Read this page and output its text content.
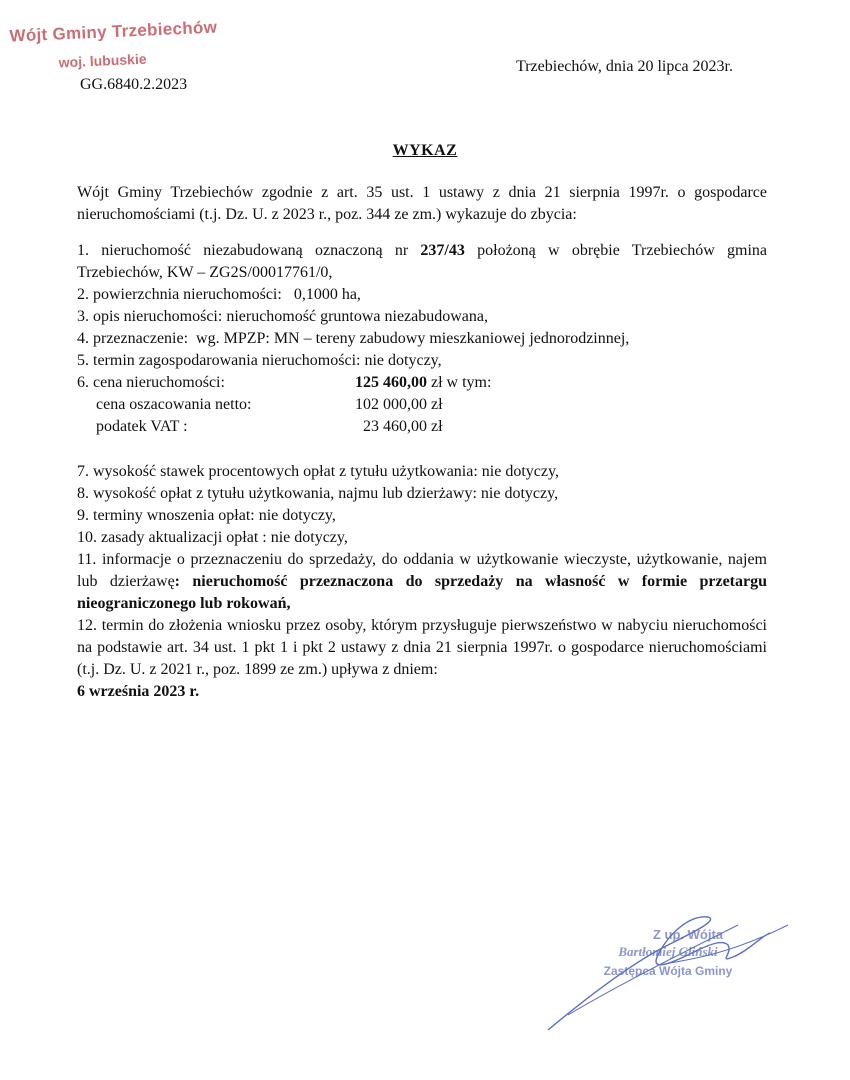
Wójt Gminy Trzebiechów
woj. lubuskie
GG.6840.2.2023
Trzebiechów, dnia 20 lipca 2023r.
WYKAZ

Wójt Gminy Trzebiechów zgodnie z art. 35 ust. 1 ustawy z dnia 21 sierpnia 1997r. o gospodarce nieruchomościami (t.j. Dz. U. z 2023 r., poz. 344 ze zm.) wykazuje do zbycia:

1. nieruchomość niezabudowaną oznaczoną nr 237/43 położoną w obrębie Trzebiechów gmina Trzebiechów, KW – ZG2S/00017761/0,

2. powierzchnia nieruchomości:   0,1000 ha,

3. opis nieruchomości: nieruchomość gruntowa niezabudowana,

4. przeznaczenie:  wg. MPZP: MN – tereny zabudowy mieszkaniowej jednorodzinnej,

5. termin zagospodarowania nieruchomości: nie dotyczy,

6. cena nieruchomości:	125 460,00 zł w tym:
cena oszacowania netto:	102 000,00 zł
podatek VAT :	23 460,00 zł

7. wysokość stawek procentowych opłat z tytułu użytkowania: nie dotyczy,

8. wysokość opłat z tytułu użytkowania, najmu lub dzierżawy: nie dotyczy,

9. terminy wnoszenia opłat: nie dotyczy,

10. zasady aktualizacji opłat : nie dotyczy,

11. informacje o przeznaczeniu do sprzedaży, do oddania w użytkowanie wieczyste, użytkowanie, najem lub dzierżawę: nieruchomość przeznaczona do sprzedaży na własność w formie przetargu nieograniczonego lub rokowań,

12. termin do złożenia wniosku przez osoby, którym przysługuje pierwszeństwo w nabyciu nieruchomości na podstawie art. 34 ust. 1 pkt 1 i pkt 2 ustawy z dnia 21 sierpnia 1997r. o gospodarce nieruchomościami (t.j. Dz. U. z 2021 r., poz. 1899 ze zm.) upływa z dniem:
6 września 2023 r.

Z up. Wójta
Bartłomiej Gliński
Zastępca Wójta Gminy
